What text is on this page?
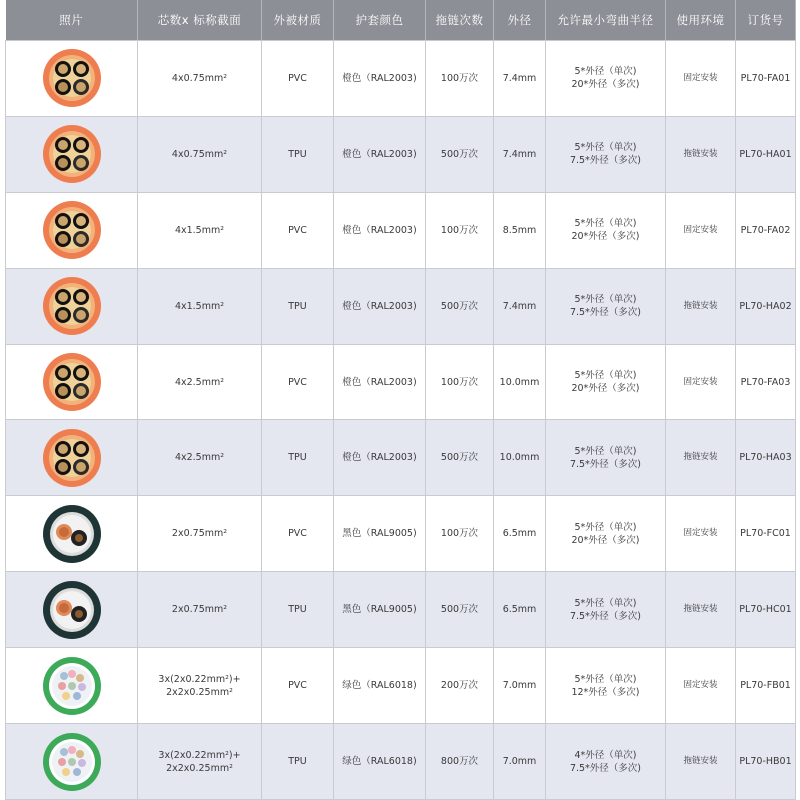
照片	芯数x 标称截面	外被材质	护套颜色	拖链次数	外径	允许最小弯曲半径	使用环境	订货号

4x0.75mm²	PVC	橙色（RAL2003)	100万次	7.4mm	5*外径（单次)
20*外径（多次)	固定安装	PL70-FA01

4x0.75mm²	TPU	橙色（RAL2003)	500万次	7.4mm	5*外径（单次)
7.5*外径（多次)	拖链安装	PL70-HA01

4x1.5mm²	PVC	橙色（RAL2003)	100万次	8.5mm	5*外径（单次)
20*外径（多次)	固定安装	PL70-FA02

4x1.5mm²	TPU	橙色（RAL2003)	500万次	7.4mm	5*外径（单次)
7.5*外径（多次)	拖链安装	PL70-HA02

4x2.5mm²	PVC	橙色（RAL2003)	100万次	10.0mm	5*外径（单次)
20*外径（多次)	固定安装	PL70-FA03

4x2.5mm²	TPU	橙色（RAL2003)	500万次	10.0mm	5*外径（单次)
7.5*外径（多次)	拖链安装	PL70-HA03

2x0.75mm²	PVC	黑色（RAL9005)	100万次	6.5mm	5*外径（单次)
20*外径（多次)	固定安装	PL70-FC01

2x0.75mm²	TPU	黑色（RAL9005)	500万次	6.5mm	5*外径（单次)
7.5*外径（多次)	拖链安装	PL70-HC01

3x(2x0.22mm²)+
2x2x0.25mm²	PVC	绿色（RAL6018)	200万次	7.0mm	5*外径（单次)
12*外径（多次)	固定安装	PL70-FB01

3x(2x0.22mm²)+
2x2x0.25mm²	TPU	绿色（RAL6018)	800万次	7.0mm	4*外径（单次)
7.5*外径（多次)	拖链安装	PL70-HB01
